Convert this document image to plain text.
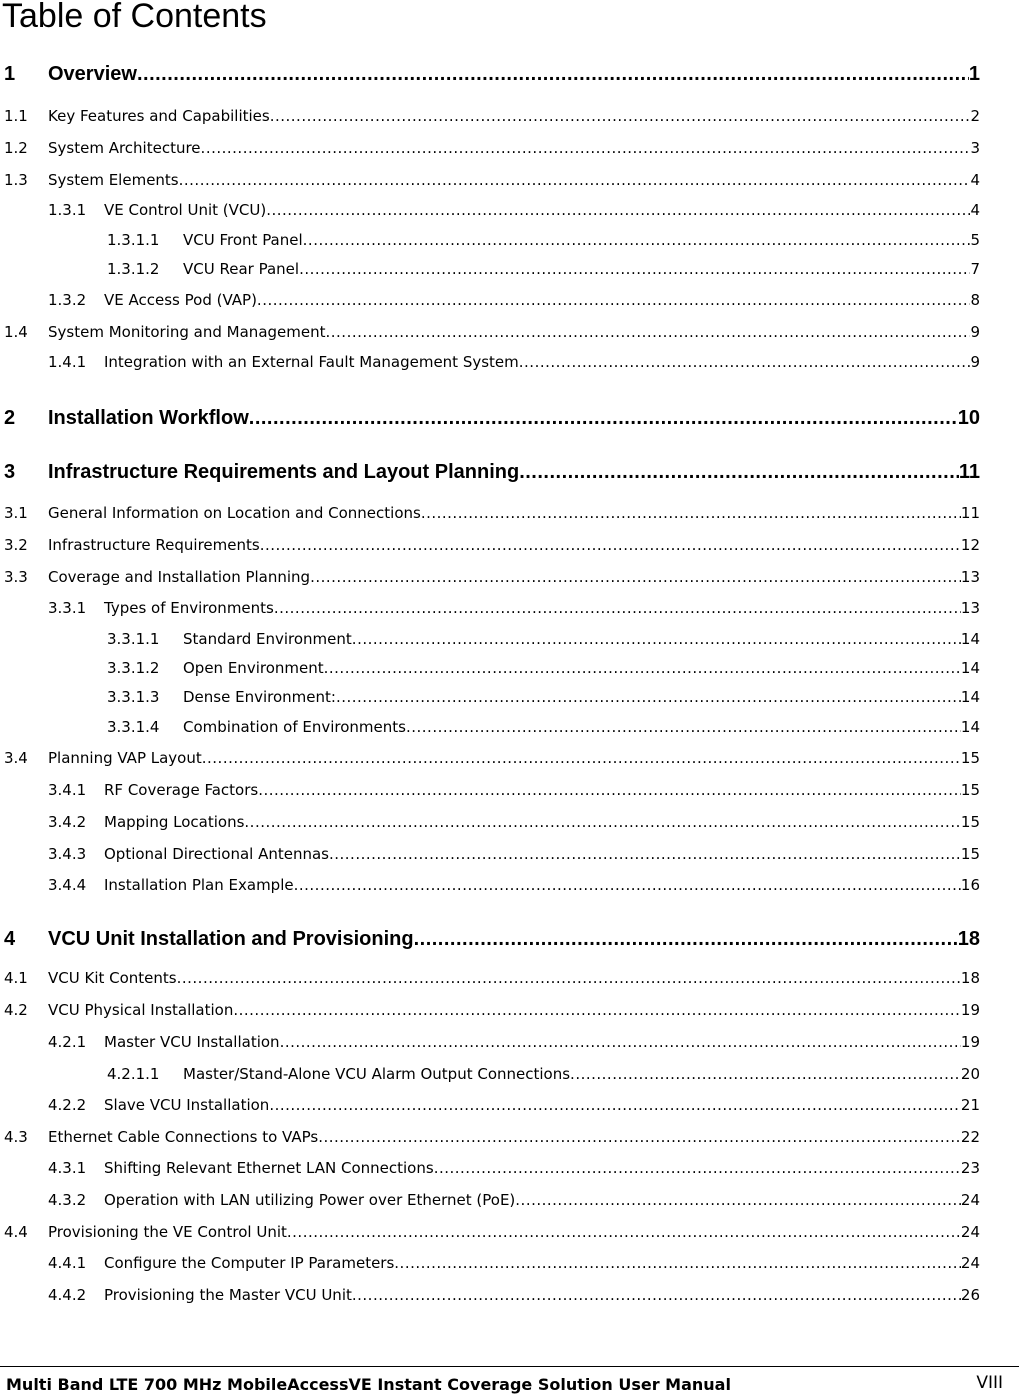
Table of Contents
1	Overview .....	1
1.1	Key Features and Capabilities .....	2
1.2	System Architecture .....	3
1.3	System Elements .....	4
1.3.1	VE Control Unit (VCU) .....	4
1.3.1.1	VCU Front Panel .....	5
1.3.1.2	VCU Rear Panel .....	7
1.3.2	VE Access Pod (VAP) .....	8
1.4	System Monitoring and Management .....	9
1.4.1	Integration with an External Fault Management System .....	9
2	Installation Workflow .....	10
3	Infrastructure Requirements and Layout Planning .....	11
3.1	General Information on Location and Connections .....	11
3.2	Infrastructure Requirements .....	12
3.3	Coverage and Installation Planning .....	13
3.3.1	Types of Environments .....	13
3.3.1.1	Standard Environment .....	14
3.3.1.2	Open Environment .....	14
3.3.1.3	Dense Environment: .....	14
3.3.1.4	Combination of Environments .....	14
3.4	Planning VAP Layout .....	15
3.4.1	RF Coverage Factors .....	15
3.4.2	Mapping Locations .....	15
3.4.3	Optional Directional Antennas .....	15
3.4.4	Installation Plan Example .....	16
4	VCU Unit Installation and Provisioning .....	18
4.1	VCU Kit Contents .....	18
4.2	VCU Physical Installation .....	19
4.2.1	Master VCU Installation .....	19
4.2.1.1	Master/Stand-Alone VCU Alarm Output Connections .....	20
4.2.2	Slave VCU Installation .....	21
4.3	Ethernet Cable Connections to VAPs .....	22
4.3.1	Shifting Relevant Ethernet LAN Connections .....	23
4.3.2	Operation with LAN utilizing Power over Ethernet (PoE) .....	24
4.4	Provisioning the VE Control Unit .....	24
4.4.1	Configure the Computer IP Parameters .....	24
4.4.2	Provisioning the Master VCU Unit .....	26
Multi Band LTE 700 MHz MobileAccessVE Instant Coverage Solution User Manual	VIII
